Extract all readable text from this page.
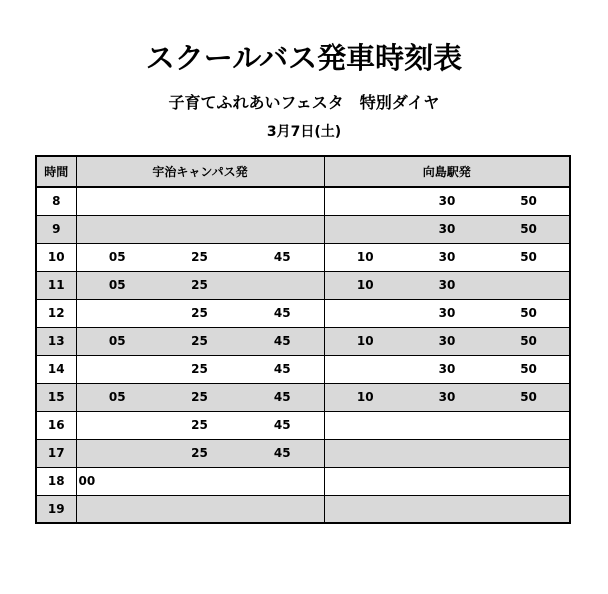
スクールバス発車時刻表
子育てふれあいフェスタ　特別ダイヤ
3月7日(土)
時間	宇治キャンパス発			向島駅発		
8					30	50
9					30	50
10	05	25	45	10	30	50
11	05	25		10	30	
12		25	45		30	50
13	05	25	45	10	30	50
14		25	45		30	50
15	05	25	45	10	30	50
16		25	45			
17		25	45			
18	00					
19						
